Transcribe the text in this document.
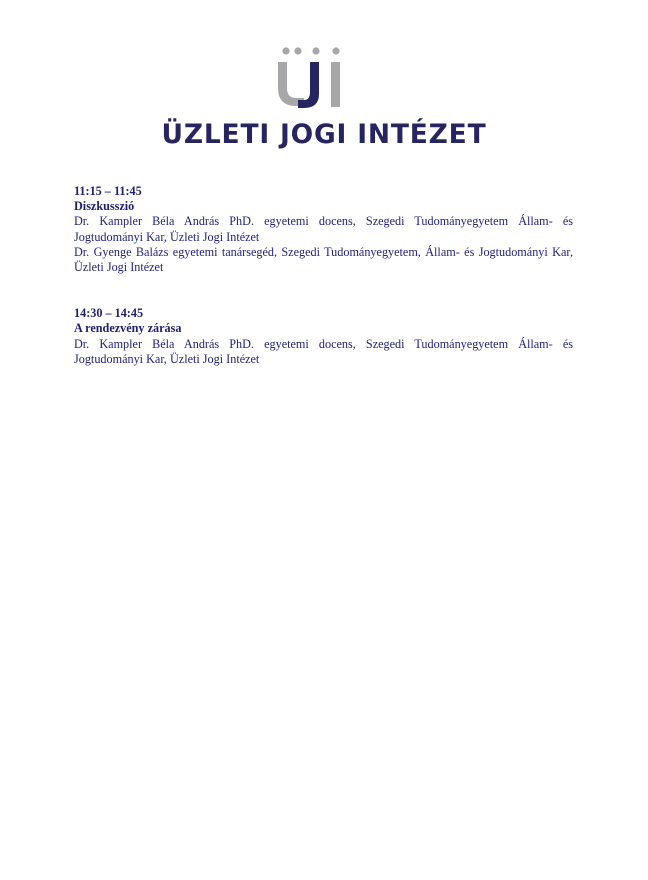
ÜZLETI JOGI INTÉZET
11:15 – 11:45
Diszkusszió
Dr. Kampler Béla András PhD. egyetemi docens, Szegedi Tudományegyetem Állam- és Jogtudományi Kar, Üzleti Jogi Intézet
Dr. Gyenge Balázs egyetemi tanársegéd, Szegedi Tudományegyetem, Állam- és Jogtudományi Kar, Üzleti Jogi Intézet
14:30 – 14:45
A rendezvény zárása
Dr. Kampler Béla András PhD. egyetemi docens, Szegedi Tudományegyetem Állam- és Jogtudományi Kar, Üzleti Jogi Intézet
